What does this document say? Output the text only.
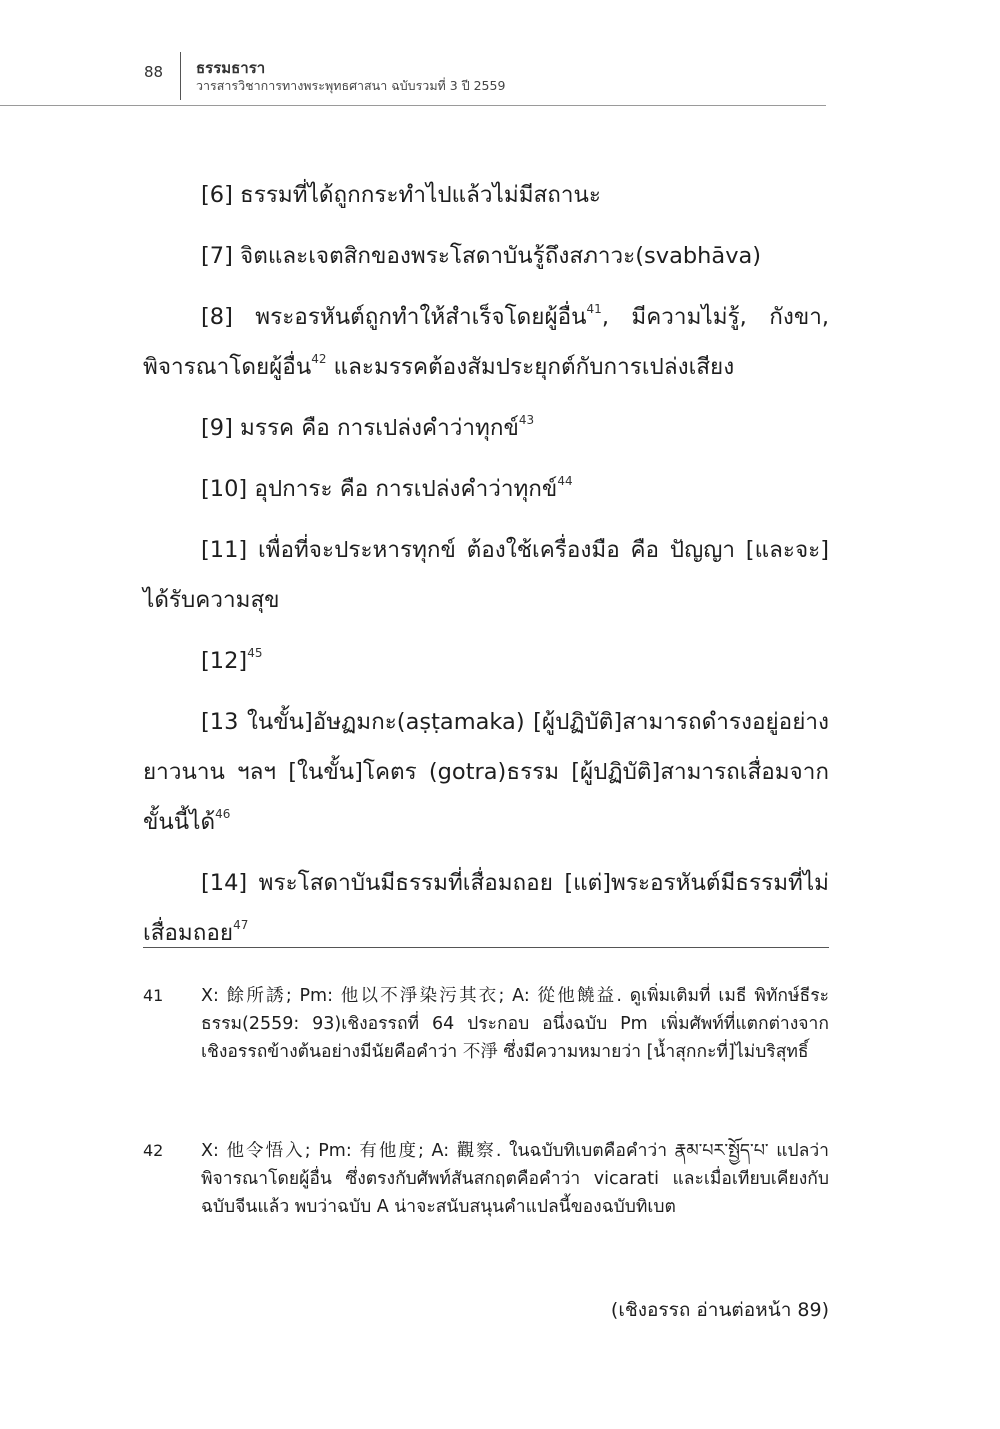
88 ธรรมธารา
วารสารวิชาการทางพระพุทธศาสนา ฉบับรวมที่ 3 ปี 2559

[6] ธรรมที่ได้ถูกกระทำไปแล้วไม่มีสถานะ

[7] จิตและเจตสิกของพระโสดาบันรู้ถึงสภาวะ(svabhāva)

[8] พระอรหันต์ถูกทำให้สำเร็จโดยผู้อื่น$^{41}$, มีความไม่รู้, กังขา, พิจารณาโดยผู้อื่น$^{42}$ และมรรคต้องสัมประยุกต์กับการเปล่งเสียง

[9] มรรค คือ การเปล่งคำว่าทุกข์$^{43}$

[10] อุปการะ คือ การเปล่งคำว่าทุกข์$^{44}$

[11] เพื่อที่จะประหารทุกข์ ต้องใช้เครื่องมือ คือ ปัญญา [และจะ] ได้รับความสุข

$[12]^{45}$

[13 ในขั้น]อัษฏมกะ(aṣṭamaka) [ผู้ปฏิบัติ]สามารถดำรงอยู่อย่างยาวนาน ฯลฯ [ในขั้น]โคตร (gotra)ธรรม [ผู้ปฏิบัติ]สามารถเสื่อมจากขั้นนี้ได้$^{46}$

[14] พระโสดาบันมีธรรมที่เสื่อมถอย [แต่]พระอรหันต์มีธรรมที่ไม่เสื่อมถอย$^{47}$

41 X: 餘所誘; Pm: 他以不淨染污其衣; A: 從他饒益. ดูเพิ่มเติมที่ เมธี พิทักษ์ธีระธรรม(2559: 93)เชิงอรรถที่ 64 ประกอบ อนึ่งฉบับ Pm เพิ่มศัพท์ที่แตกต่างจากเชิงอรรถข้างต้นอย่างมีนัยคือคำว่า 不淨 ซึ่งมีความหมายว่า [น้ำสุกกะที่]ไม่บริสุทธิ์
42 X: 他令悟入; Pm: 有他度; A: 觀察. ในฉบับทิเบตคือคำว่า རྣམ་པར་སྤྱོད་པ་ แปลว่า พิจารณาโดยผู้อื่น ซึ่งตรงกับศัพท์สันสกฤตคือคำว่า vicarati และเมื่อเทียบเคียงกับฉบับจีนแล้ว พบว่าฉบับ A น่าจะสนับสนุนคำแปลนี้ของฉบับทิเบต
(เชิงอรรถ อ่านต่อหน้า 89)
